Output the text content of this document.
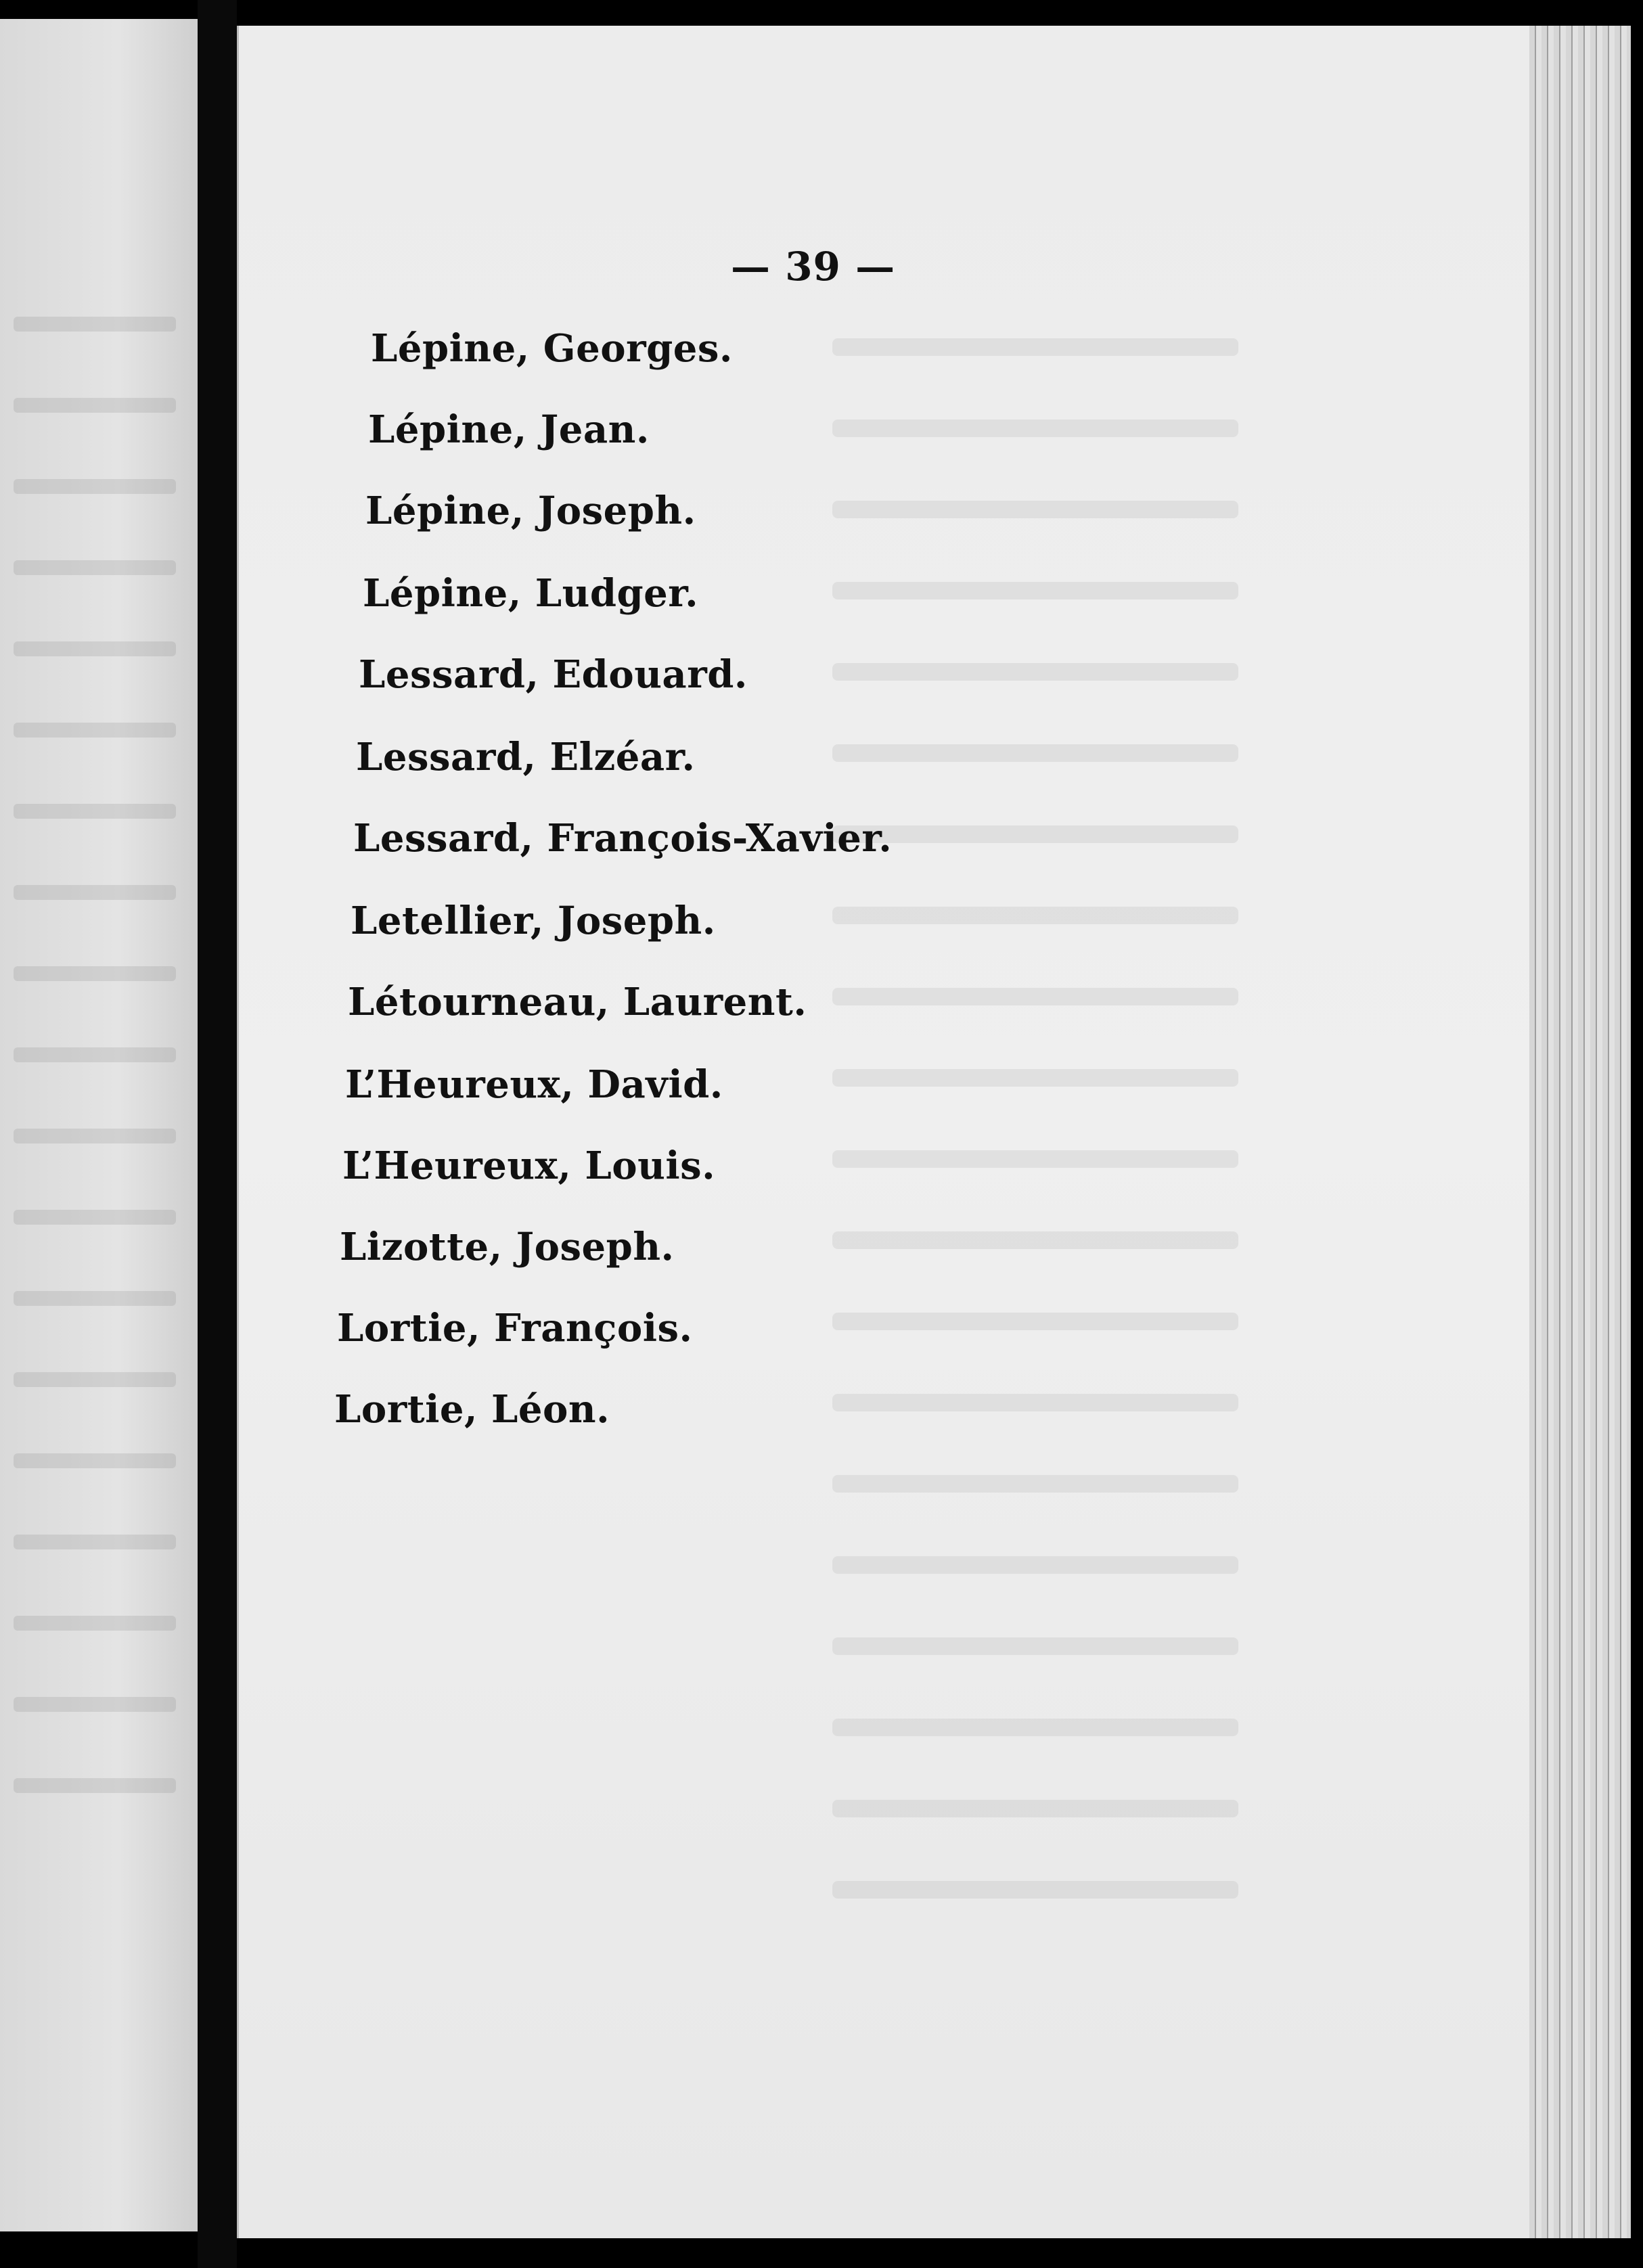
— 39 —
Lépine, Georges.
Lépine, Jean.
Lépine, Joseph.
Lépine, Ludger.
Lessard, Edouard.
Lessard, Elzéar.
Lessard, François-Xavier.
Letellier, Joseph.
Létourneau, Laurent.
L’Heureux, David.
L’Heureux, Louis.
Lizotte, Joseph.
Lortie, François.
Lortie, Léon.
